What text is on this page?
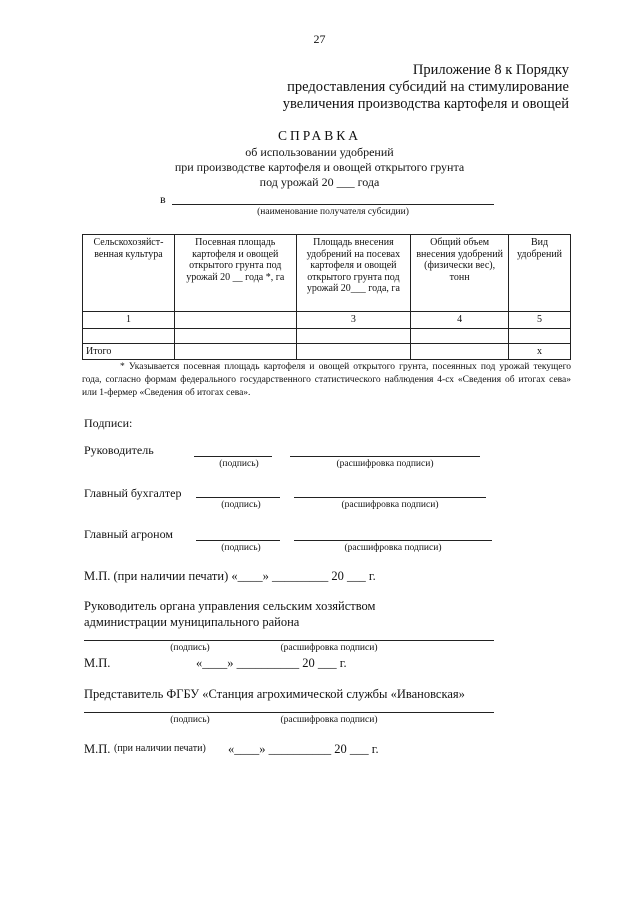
27
Приложение 8 к Порядку
предоставления субсидий на стимулирование
увеличения производства картофеля и овощей
СПРАВКА
об использовании удобрений
при производстве картофеля и овощей открытого грунта
под урожай 20 ___ года
в
(наименование получателя субсидии)
Сельскохозяйст-венная культура	Посевная площадь картофеля и овощей открытого грунта под урожай 20 __ года *, га	Площадь внесения удобрений на посевах картофеля и овощей открытого грунта под урожай 20___ года, га	Общий объем внесения удобрений (физически вес), тонн	Вид удобрений
1		3	4	5

Итого				х
* Указывается посевная площадь картофеля и овощей открытого грунта, посеянных под урожай текущего года, согласно формам федерального государственного статистического наблюдения 4-сх «Сведения об итогах сева» или 1-фермер «Сведения об итогах сева».
Подписи:
Руководитель
(подпись)	(расшифровка подписи)
Главный бухгалтер
(подпись)	(расшифровка подписи)
Главный агроном
(подпись)	(расшифровка подписи)
М.П. (при наличии печати) «____» _________ 20 ___ г.
Руководитель органа управления сельским хозяйством
администрации муниципального района
(подпись)	(расшифровка подписи)
М.П.	«____» __________ 20 ___ г.
Представитель ФГБУ «Станция агрохимической службы «Ивановская»
(подпись)	(расшифровка подписи)
М.П. (при наличии печати) «____» __________ 20 ___ г.
